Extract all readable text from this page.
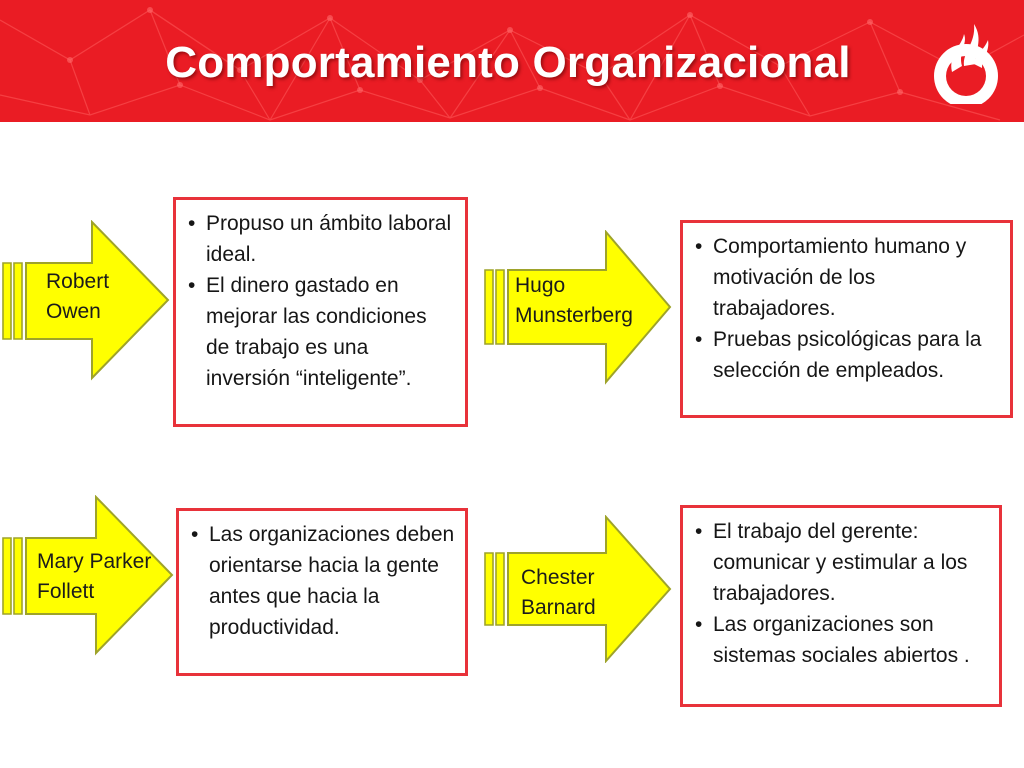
Comportamiento Organizacional
Robert
Owen
• Propuso un ámbito laboral ideal.
• El dinero gastado en mejorar las condiciones de trabajo es una inversión “inteligente”.
Hugo
Munsterberg
• Comportamiento humano y motivación de los trabajadores.
• Pruebas psicológicas para la selección de empleados.
Mary Parker
Follett
• Las organizaciones deben orientarse hacia la gente antes que hacia la productividad.
Chester
Barnard
• El trabajo del gerente: comunicar y estimular a los trabajadores.
• Las organizaciones son sistemas sociales abiertos .
